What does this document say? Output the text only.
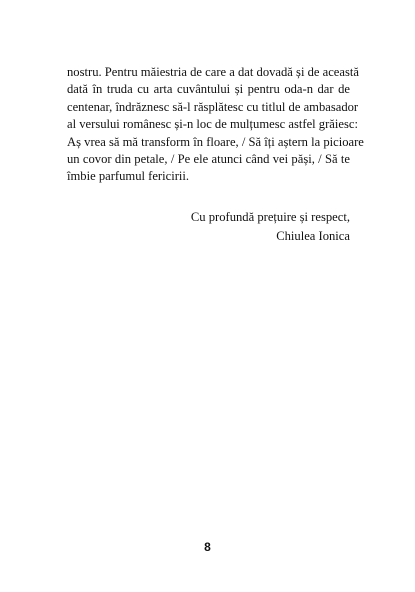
nostru. Pentru măiestria de care a dat dovadă și de această
dată în truda cu arta cuvântului și pentru oda-n dar de
centenar, îndrăznesc să-l răsplătesc cu titlul de ambasador
al versului românesc și-n loc de mulțumesc astfel grăiesc:
Aș vrea să mă transform în floare, / Să îți aștern la picioare
un covor din petale, / Pe ele atunci când vei păși, / Să te
îmbie parfumul fericirii.
Cu profundă prețuire și respect,
Chiulea Ionica
8
